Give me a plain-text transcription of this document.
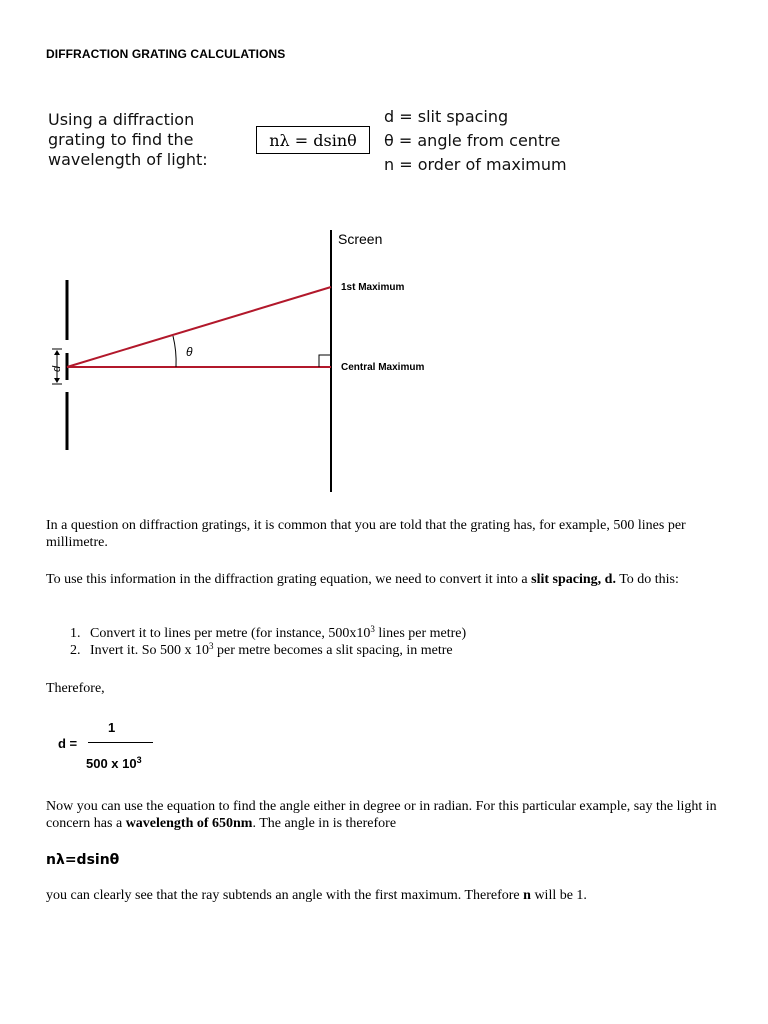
DIFFRACTION GRATING CALCULATIONS
Using a diffraction
grating to find the
wavelength of light:
nλ = dsinθ
d = slit spacing
θ = angle from centre
n = order of maximum
Screen
d
θ
1st Maximum
Central Maximum
In a question on diffraction gratings, it is common that you are told that the grating has, for example, 500 lines per millimetre.
To use this information in the diffraction grating equation, we need to convert it into a slit spacing, d. To do this:
1. Convert it to lines per metre (for instance, $500x10^3$ lines per metre)
2. Invert it. So 500 x $10^3$ per metre becomes a slit spacing, in metre
Therefore,
d =
1
500 x $10^3$
Now you can use the equation to find the angle either in degree or in radian. For this particular example, say the light in concern has a wavelength of 650nm. The angle in is therefore
nλ=dsinθ
you can clearly see that the ray subtends an angle with the first maximum. Therefore n will be 1.
